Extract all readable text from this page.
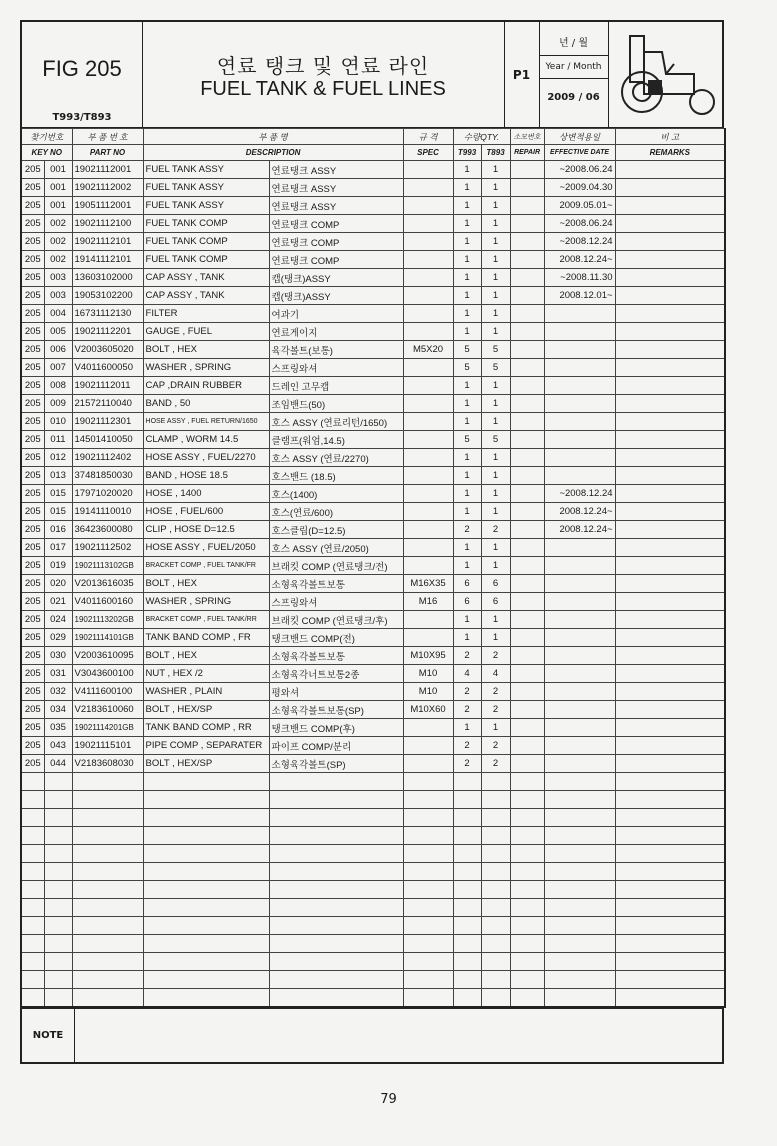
FIG 205
T993/T893
연료 탱크 및 연료 라인
FUEL TANK & FUEL LINES
P1
년 / 월
Year / Month
2009 / 06
찾기번호		부 품 번 호	부 품 명		규 격	수량QTY.		소모번호	상변적용일	비 고
KEY NO		PART NO	DESCRIPTION		SPEC	T993	T893	REPAIR	EFFECTIVE DATE	REMARKS
205	001	19021112001	FUEL TANK ASSY	연료탱크 ASSY		1	1		~2008.06.24	
205	001	19021112002	FUEL TANK ASSY	연료탱크 ASSY		1	1		~2009.04.30	
205	001	19051112001	FUEL TANK ASSY	연료탱크 ASSY		1	1		2009.05.01~	
205	002	19021112100	FUEL TANK COMP	연료탱크 COMP		1	1		~2008.06.24	
205	002	19021112101	FUEL TANK COMP	연료탱크 COMP		1	1		~2008.12.24	
205	002	19141112101	FUEL TANK COMP	연료탱크 COMP		1	1		2008.12.24~	
205	003	13603102000	CAP ASSY , TANK	캡(탱크)ASSY		1	1		~2008.11.30	
205	003	19053102200	CAP ASSY , TANK	캡(탱크)ASSY		1	1		2008.12.01~	
205	004	16731112130	FILTER	여과기		1	1			
205	005	19021112201	GAUGE , FUEL	연료게이지		1	1			
205	006	V2003605020	BOLT , HEX	육각볼트(보통)	M5X20	5	5			
205	007	V4011600050	WASHER , SPRING	스프링와셔		5	5			
205	008	19021112011	CAP ,DRAIN RUBBER	드레인 고무캡		1	1			
205	009	21572110040	BAND , 50	조임밴드(50)		1	1			
205	010	19021112301	HOSE ASSY , FUEL RETURN/1650	호스 ASSY (연료리턴/1650)		1	1			
205	011	14501410050	CLAMP , WORM 14.5	클램프(워엄,14.5)		5	5			
205	012	19021112402	HOSE ASSY , FUEL/2270	호스 ASSY (연료/2270)		1	1			
205	013	37481850030	BAND , HOSE 18.5	호스밴드 (18.5)		1	1			
205	015	17971020020	HOSE , 1400	호스(1400)		1	1		~2008.12.24	
205	015	19141110010	HOSE , FUEL/600	호스(연료/600)		1	1		2008.12.24~	
205	016	36423600080	CLIP , HOSE D=12.5	호스클립(D=12.5)		2	2		2008.12.24~	
205	017	19021112502	HOSE ASSY , FUEL/2050	호스 ASSY (연료/2050)		1	1			
205	019	19021113102GB	BRACKET COMP , FUEL TANK/FR	브래킷 COMP (연료탱크/전)		1	1			
205	020	V2013616035	BOLT , HEX	소형육각볼트보통	M16X35	6	6			
205	021	V4011600160	WASHER , SPRING	스프링와셔	M16	6	6			
205	024	19021113202GB	BRACKET COMP , FUEL TANK/RR	브래킷 COMP (연료탱크/후)		1	1			
205	029	19021114101GB	TANK BAND COMP , FR	탱크밴드 COMP(전)		1	1			
205	030	V2003610095	BOLT , HEX	소형육각볼트보통	M10X95	2	2			
205	031	V3043600100	NUT , HEX /2	소형육각너트보통2종	M10	4	4			
205	032	V4111600100	WASHER , PLAIN	평와셔	M10	2	2			
205	034	V2183610060	BOLT , HEX/SP	소형육각볼트보통(SP)	M10X60	2	2			
205	035	19021114201GB	TANK BAND COMP , RR	탱크밴드 COMP(후)		1	1			
205	043	19021115101	PIPE COMP , SEPARATER	파이프 COMP/분리		2	2			
205	044	V2183608030	BOLT , HEX/SP	소형육각볼트(SP)		2	2			

NOTE
79
